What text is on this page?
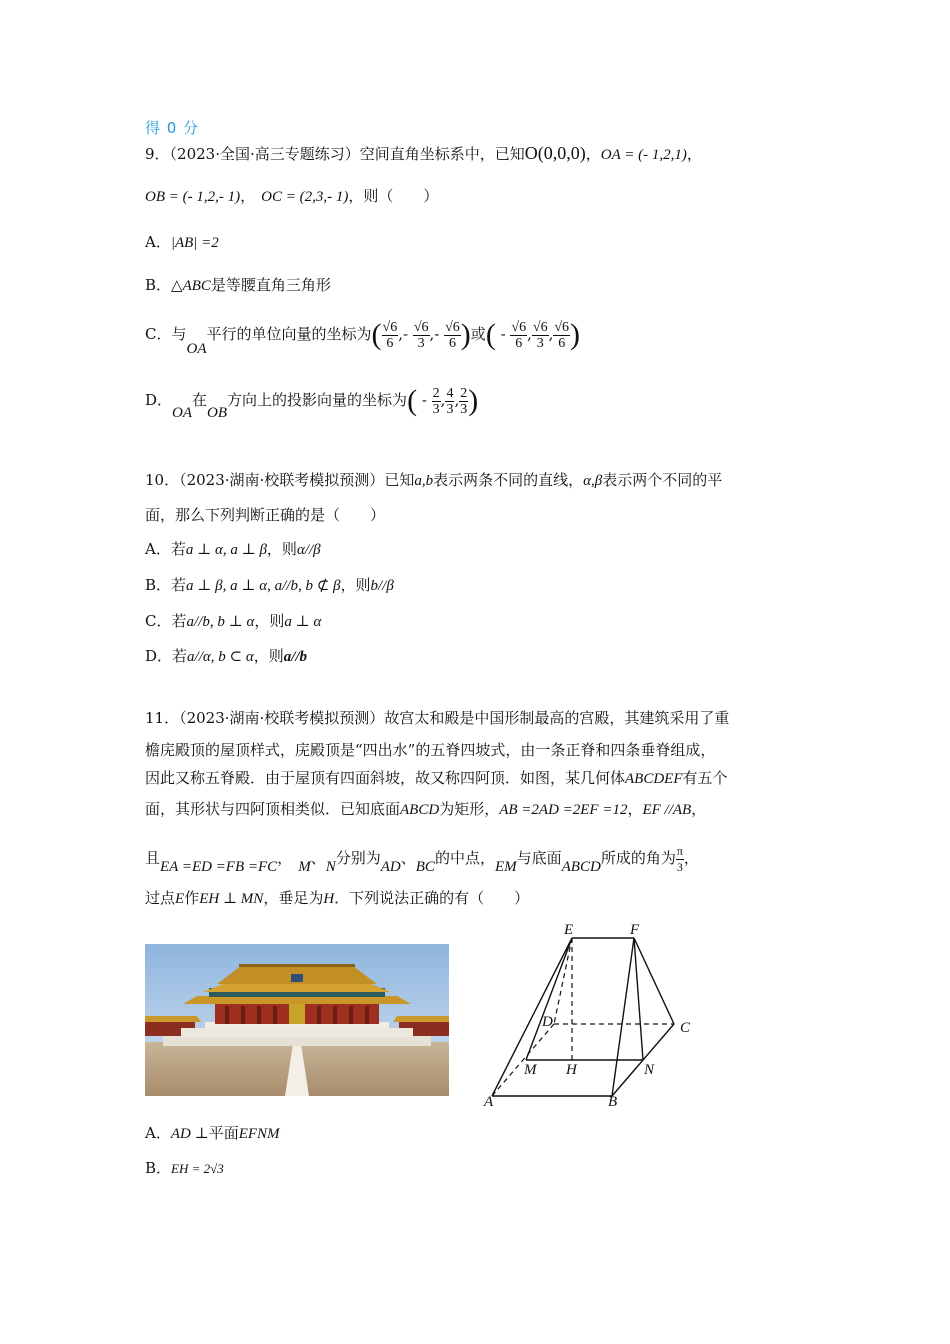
得 0 分
9．（2023·全国·高三专题练习）空间直角坐标系中，已知O(0,0,0)，OA = (- 1,2,1)，
OB = (- 1,2,- 1)， OC = (2,3,- 1)，则（　　）
A．|AB| =2
B．△ABC是等腰直角三角形
C．与OA平行的单位向量的坐标为( $\frac{√6}{6}$ ,- $\frac{√6}{3}$ ,- $\frac{√6}{6}$ )或( - $\frac{√6}{6}$ , $\frac{√6}{3}$ , $\frac{√6}{6}$ )
D．OA在OB方向上的投影向量的坐标为( - $\frac{2}{3}$ , $\frac{4}{3}$ , $\frac{2}{3}$ )
10．（2023·湖南·校联考模拟预测）已知a,b表示两条不同的直线，α,β表示两个不同的平
面，那么下列判断正确的是（　　）
A．若a ⊥ α, a ⊥ β，则α//β
B．若a ⊥ β, a ⊥ α, a//b, b ⊄ β，则b//β
C．若a//b, b ⊥ α，则a ⊥ α
D．若a//α, b ⊂ α，则a//b
11．（2023·湖南·校联考模拟预测）故宫太和殿是中国形制最高的宫殿，其建筑采用了重
檐庑殿顶的屋顶样式，庑殿顶是“四出水”的五脊四坡式，由一条正脊和四条垂脊组成，
因此又称五脊殿．由于屋顶有四面斜坡，故又称四阿顶．如图，某几何体ABCDEF有五个
面，其形状与四阿顶相类似．已知底面ABCD为矩形，AB =2AD =2EF =12，EF //AB，
且EA =ED =FB =FC， M、N分别为AD、BC的中点，EM与底面ABCD所成的角为 $\frac{\pi}{3}$ ，
过点E作EH ⊥ MN，垂足为H．下列说法正确的有（　　）
E	F
D	C
M H	N
A	B
A．AD ⊥平面EFNM
B．EH = 2√3
